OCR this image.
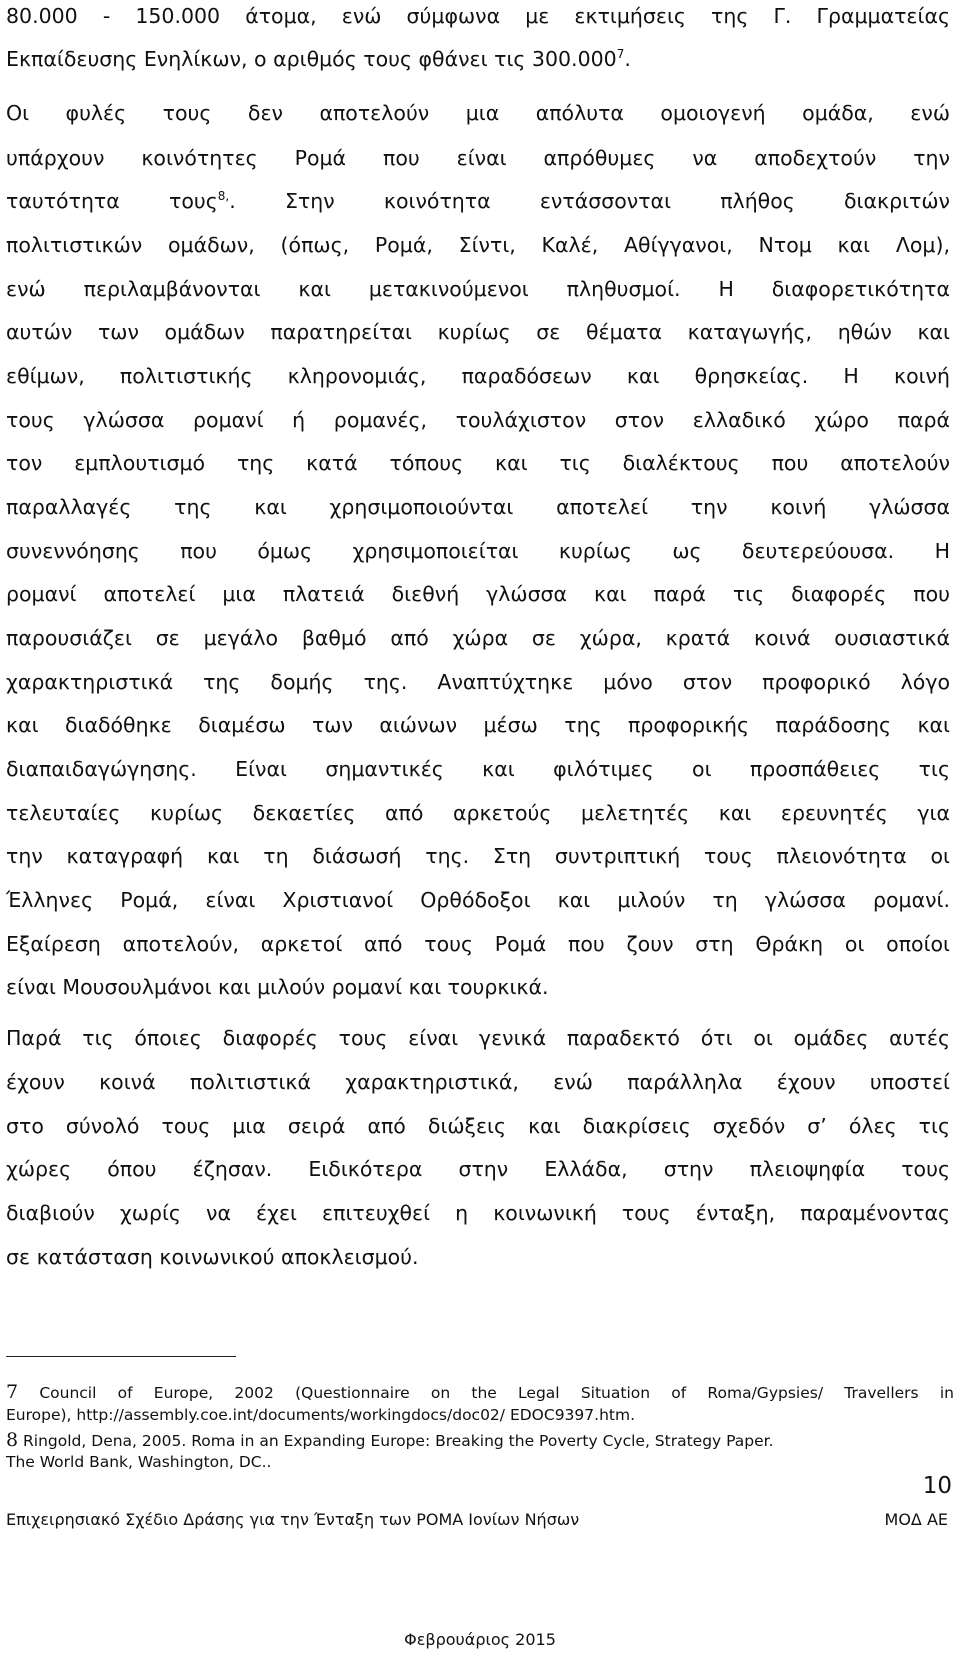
80.000 - 150.000 άτομα, ενώ σύμφωνα με εκτιμήσεις της Γ. Γραμματείας
Εκπαίδευσης Ενηλίκων, ο αριθμός τους φθάνει τις 300.000$^7$.
Οι φυλές τους δεν αποτελούν μια απόλυτα ομοιογενή ομάδα, ενώ
υπάρχουν κοινότητες Ρομά που είναι απρόθυμες να αποδεχτούν την
ταυτότητα τους$^{8,}$. Στην κοινότητα εντάσσονται πλήθος διακριτών
πολιτιστικών ομάδων, (όπως, Ρομά, Σίντι, Καλέ, Αθίγγανοι, Ντομ και Λομ),
ενώ περιλαμβάνονται και μετακινούμενοι πληθυσμοί. Η διαφορετικότητα
αυτών των ομάδων παρατηρείται κυρίως σε θέματα καταγωγής, ηθών και
εθίμων, πολιτιστικής κληρονομιάς, παραδόσεων και θρησκείας. Η κοινή
τους γλώσσα ρομανί ή ρομανές, τουλάχιστον στον ελλαδικό χώρο παρά
τον εμπλουτισμό της κατά τόπους και τις διαλέκτους που αποτελούν
παραλλαγές της και χρησιμοποιούνται αποτελεί την κοινή γλώσσα
συνεννόησης που όμως χρησιμοποιείται κυρίως ως δευτερεύουσα. Η
ρομανί αποτελεί μια πλατειά διεθνή γλώσσα και παρά τις διαφορές που
παρουσιάζει σε μεγάλο βαθμό από χώρα σε χώρα, κρατά κοινά ουσιαστικά
χαρακτηριστικά της δομής της. Αναπτύχτηκε μόνο στον προφορικό λόγο
και διαδόθηκε διαμέσω των αιώνων μέσω της προφορικής παράδοσης και
διαπαιδαγώγησης. Είναι σημαντικές και φιλότιμες οι προσπάθειες τις
τελευταίες κυρίως δεκαετίες από αρκετούς μελετητές και ερευνητές για
την καταγραφή και τη διάσωσή της. Στη συντριπτική τους πλειονότητα οι
Έλληνες Ρομά, είναι Χριστιανοί Ορθόδοξοι και μιλούν τη γλώσσα ρομανί.
Εξαίρεση αποτελούν, αρκετοί από τους Ρομά που ζουν στη Θράκη οι οποίοι
είναι Μουσουλμάνοι και μιλούν ρομανί και τουρκικά.
Παρά τις όποιες διαφορές τους είναι γενικά παραδεκτό ότι οι ομάδες αυτές
έχουν κοινά πολιτιστικά χαρακτηριστικά, ενώ παράλληλα έχουν υποστεί
στο σύνολό τους μια σειρά από διώξεις και διακρίσεις σχεδόν σ’ όλες τις
χώρες όπου έζησαν. Ειδικότερα στην Ελλάδα, στην πλειοψηφία τους
διαβιούν χωρίς να έχει επιτευχθεί η κοινωνική τους ένταξη, παραμένοντας
σε κατάσταση κοινωνικού αποκλεισμού.
7 Council of Europe, 2002 (Questionnaire on the Legal Situation of Roma/Gypsies/ Travellers in
Europe), http://assembly.coe.int/documents/workingdocs/doc02/ EDOC9397.htm.
8 Ringold, Dena, 2005. Roma in an Expanding Europe: Breaking the Poverty Cycle, Strategy Paper.
The World Bank, Washington, DC..
10
Επιχειρησιακό Σχέδιο Δράσης για την Ένταξη των ΡΟΜΑ Ιονίων Νήσων	ΜΟΔ ΑΕ
Φεβρουάριος 2015
